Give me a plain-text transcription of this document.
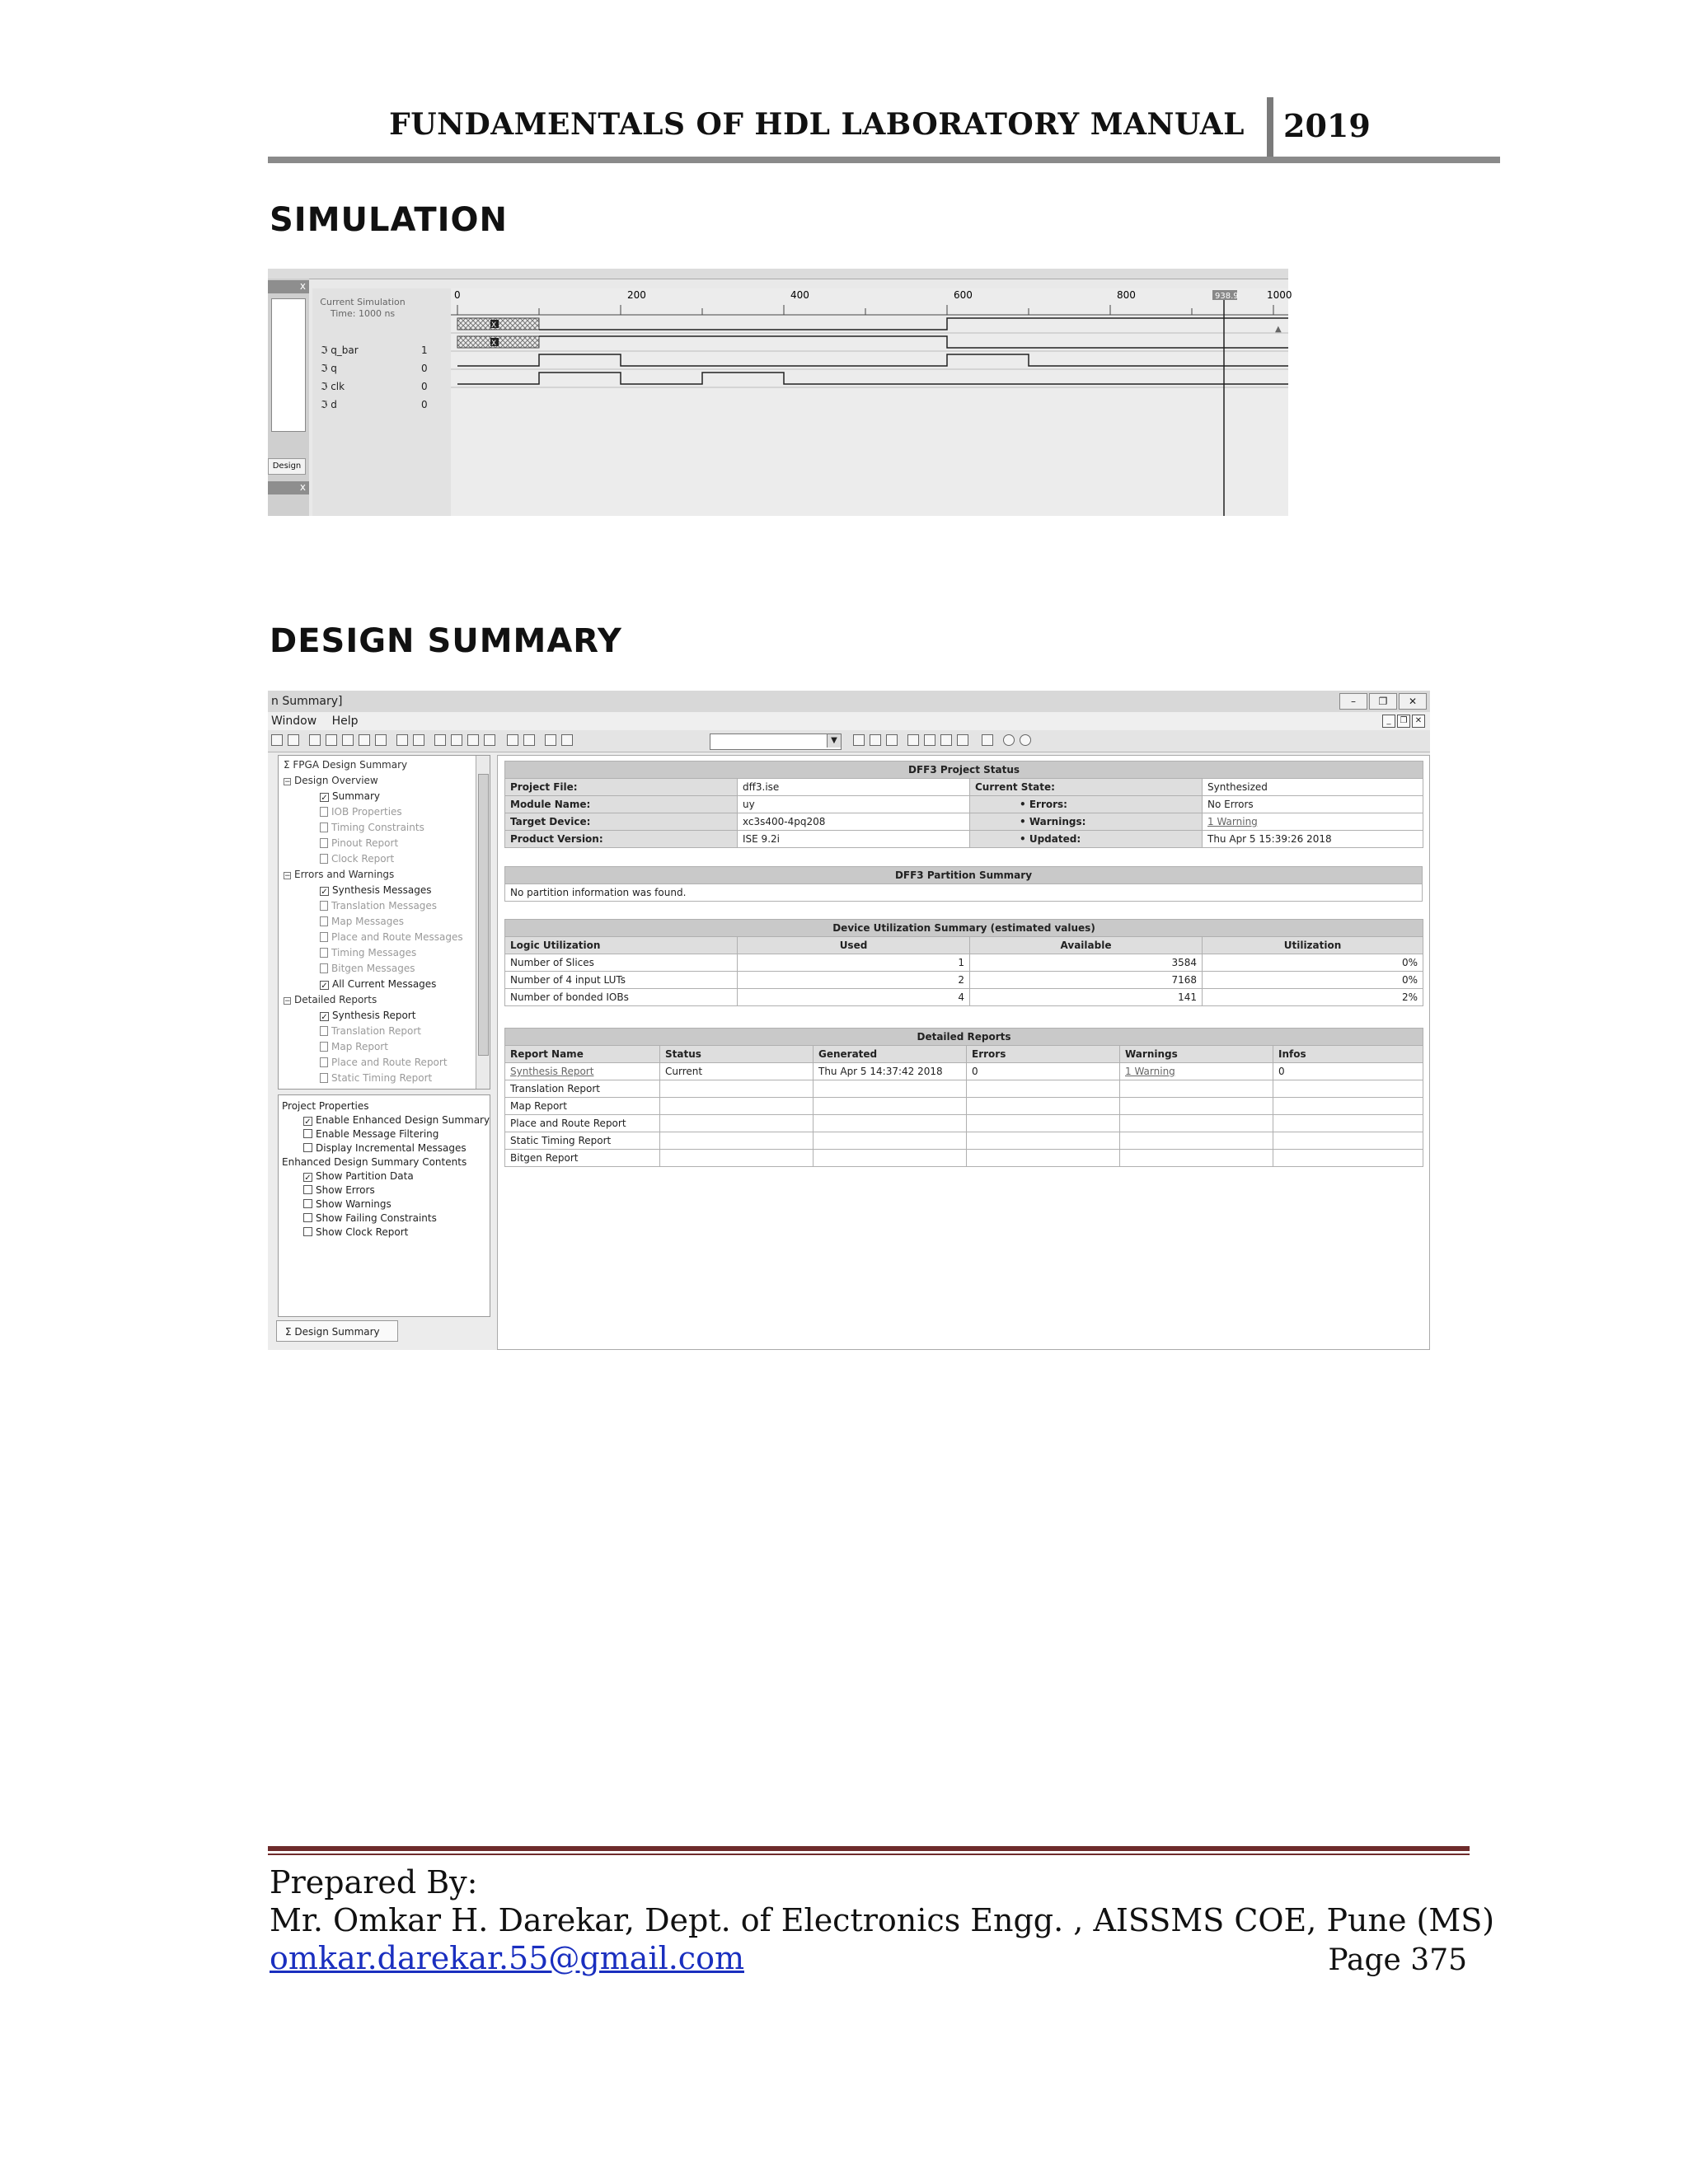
FUNDAMENTALS OF HDL LABORATORY MANUAL 2019
SIMULATION
x
Design
x
Current Simulation
Time: 1000 ns
ℑ q_bar
ℑ q
ℑ clk
ℑ d
1
0
0
0
0	200	400	600	800	1000
X
X
938.9
▲
DESIGN SUMMARY
n Summary]	–	❐	✕
Window Help	_	❐ ✕
▼
Σ FPGA Design Summary
− Design Overview
✓ Summary
IOB Properties
Timing Constraints
Pinout Report
Clock Report
− Errors and Warnings
✓ Synthesis Messages
Translation Messages
Map Messages
Place and Route Messages
Timing Messages
Bitgen Messages
✓ All Current Messages
− Detailed Reports
✓ Synthesis Report
Translation Report
Map Report
Place and Route Report
Static Timing Report
Project Properties
✓ Enable Enhanced Design Summary
Enable Message Filtering
Display Incremental Messages
Enhanced Design Summary Contents
✓ Show Partition Data
Show Errors
Show Warnings
Show Failing Constraints
Show Clock Report
Σ Design Summary
DFF3 Project Status			
Project File:	dff3.ise	Current State:	Synthesized
Module Name:	uy	• Errors:	No Errors
Target Device:	xc3s400-4pq208	• Warnings:	1 Warning
Product Version:	ISE 9.2i	• Updated:	Thu Apr 5 15:39:26 2018
DFF3 Partition Summary
No partition information was found.
Device Utilization Summary (estimated values)			
Logic Utilization	Used	Available	Utilization
Number of Slices	1	3584	0%
Number of 4 input LUTs	2	7168	0%
Number of bonded IOBs	4	141	2%
Detailed Reports					
Report Name	Status	Generated	Errors	Warnings	Infos
Synthesis Report	Current	Thu Apr 5 14:37:42 2018	0	1 Warning	0
Translation Report					
Map Report					
Place and Route Report					
Static Timing Report					
Bitgen Report					
Prepared By:
Mr. Omkar H. Darekar, Dept. of Electronics Engg. , AISSMS COE, Pune (MS)
omkar.darekar.55@gmail.com	Page 375
